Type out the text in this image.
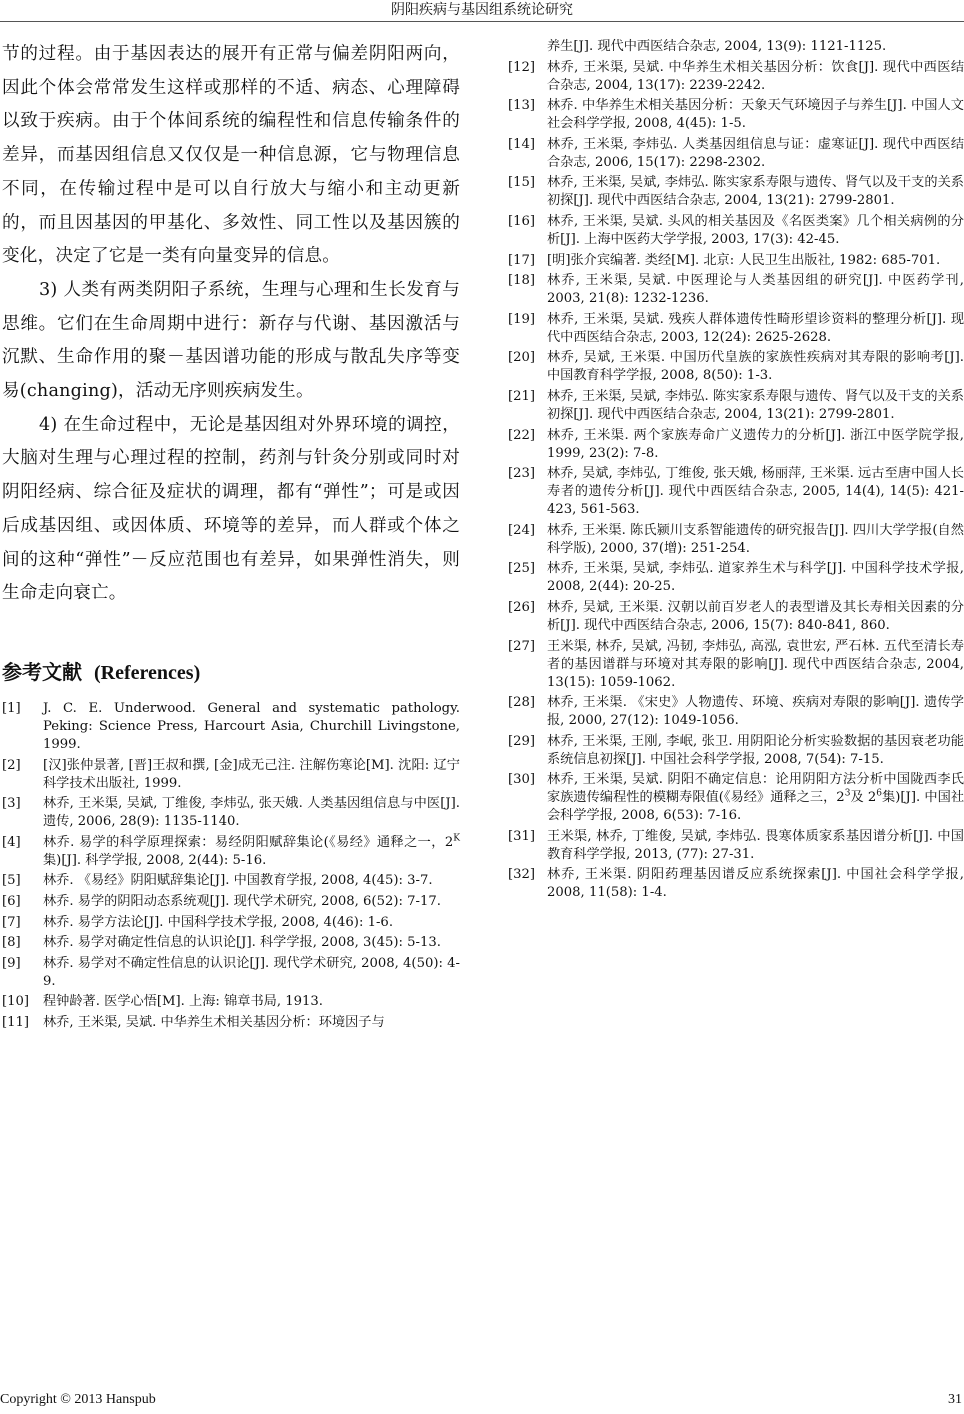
阴阳疾病与基因组系统论研究

节的过程。由于基因表达的展开有正常与偏差阴阳两向，因此个体会常常发生这样或那样的不适、病态、心理障碍以致于疾病。由于个体间系统的编程性和信息传输条件的差异，而基因组信息又仅仅是一种信息源，它与物理信息不同，在传输过程中是可以自行放大与缩小和主动更新的，而且因基因的甲基化、多效性、同工性以及基因簇的变化，决定了它是一类有向量变异的信息。

3) 人类有两类阴阳子系统，生理与心理和生长发育与思维。它们在生命周期中进行：新存与代谢、基因激活与沉默、生命作用的聚－基因谱功能的形成与散乱失序等变易(changing)，活动无序则疾病发生。

4) 在生命过程中，无论是基因组对外界环境的调控，大脑对生理与心理过程的控制，药剂与针灸分别或同时对阴阳经病、综合征及症状的调理，都有“弹性”；可是或因后成基因组、或因体质、环境等的差异，而人群或个体之间的这种“弹性”－反应范围也有差异，如果弹性消失，则生命走向衰亡。

参考文献 (References)
[1] J. C. E. Underwood. General and systematic pathology. Peking: Science Press, Harcourt Asia, Churchill Livingstone, 1999.
[2] [汉]张仲景著, [晋]王叔和撰, [金]成无己注. 注解伤寒论[M]. 沈阳: 辽宁科学技术出版社, 1999.
[3] 林乔, 王米渠, 吴斌, 丁维俊, 李炜弘, 张天娥. 人类基因组信息与中医[J]. 遗传, 2006, 28(9): 1135-1140.
[4] 林乔. 易学的科学原理探索：易经阴阳赋辞集论(《易经》通释之一，$2^K$集)[J]. 科学学报, 2008, 2(44): 5-16.
[5] 林乔. 《易经》阴阳赋辞集论[J]. 中国教育学报, 2008, 4(45): 3-7.
[6] 林乔. 易学的阴阳动态系统观[J]. 现代学术研究, 2008, 6(52): 7-17.
[7] 林乔. 易学方法论[J]. 中国科学技术学报, 2008, 4(46): 1-6.
[8] 林乔. 易学对确定性信息的认识论[J]. 科学学报, 2008, 3(45): 5-13.
[9] 林乔. 易学对不确定性信息的认识论[J]. 现代学术研究, 2008, 4(50): 4-9.
[10] 程钟龄著. 医学心悟[M]. 上海: 锦章书局, 1913.
[11] 林乔, 王米渠, 吴斌. 中华养生术相关基因分析：环境因子与
养生[J]. 现代中西医结合杂志, 2004, 13(9): 1121-1125.
[12] 林乔, 王米渠, 吴斌. 中华养生术相关基因分析：饮食[J]. 现代中西医结合杂志, 2004, 13(17): 2239-2242.
[13] 林乔. 中华养生术相关基因分析：天象天气环境因子与养生[J]. 中国人文社会科学学报, 2008, 4(45): 1-5.
[14] 林乔, 王米渠, 李炜弘. 人类基因组信息与证：虚寒证[J]. 现代中西医结合杂志, 2006, 15(17): 2298-2302.
[15] 林乔, 王米渠, 吴斌, 李炜弘. 陈实家系寿限与遗传、肾气以及干支的关系初探[J]. 现代中西医结合杂志, 2004, 13(21): 2799-2801.
[16] 林乔, 王米渠, 吴斌. 头风的相关基因及《名医类案》几个相关病例的分析[J]. 上海中医药大学学报, 2003, 17(3): 42-45.
[17] [明]张介宾编著. 类经[M]. 北京: 人民卫生出版社, 1982: 685-701.
[18] 林乔, 王米渠, 吴斌. 中医理论与人类基因组的研究[J]. 中医药学刊, 2003, 21(8): 1232-1236.
[19] 林乔, 王米渠, 吴斌. 残疾人群体遗传性畸形望诊资料的整理分析[J]. 现代中西医结合杂志, 2003, 12(24): 2625-2628.
[20] 林乔, 吴斌, 王米渠. 中国历代皇族的家族性疾病对其寿限的影响考[J]. 中国教育科学学报, 2008, 8(50): 1-3.
[21] 林乔, 王米渠, 吴斌, 李炜弘. 陈实家系寿限与遗传、肾气以及干支的关系初探[J]. 现代中西医结合杂志, 2004, 13(21): 2799-2801.
[22] 林乔, 王米渠. 两个家族寿命广义遗传力的分析[J]. 浙江中医学院学报, 1999, 23(2): 7-8.
[23] 林乔, 吴斌, 李炜弘, 丁维俊, 张天娥, 杨丽萍, 王米渠. 远古至唐中国人长寿者的遗传分析[J]. 现代中西医结合杂志, 2005, 14(4), 14(5): 421-423, 561-563.
[24] 林乔, 王米渠. 陈氏颍川支系智能遗传的研究报告[J]. 四川大学学报(自然科学版), 2000, 37(增): 251-254.
[25] 林乔, 王米渠, 吴斌, 李炜弘. 道家养生术与科学[J]. 中国科学技术学报, 2008, 2(44): 20-25.
[26] 林乔, 吴斌, 王米渠. 汉朝以前百岁老人的表型谱及其长寿相关因素的分析[J]. 现代中西医结合杂志, 2006, 15(7): 840-841, 860.
[27] 王米渠, 林乔, 吴斌, 冯韧, 李炜弘, 高泓, 袁世宏, 严石林. 五代至清长寿者的基因谱群与环境对其寿限的影响[J]. 现代中西医结合杂志, 2004, 13(15): 1059-1062.
[28] 林乔, 王米渠. 《宋史》人物遗传、环境、疾病对寿限的影响[J]. 遗传学报, 2000, 27(12): 1049-1056.
[29] 林乔, 王米渠, 王刚, 李岷, 张卫. 用阴阳论分析实验数据的基因衰老功能系统信息初探[J]. 中国社会科学学报, 2008, 7(54): 7-15.
[30] 林乔, 王米渠, 吴斌. 阴阳不确定信息：论用阴阳方法分析中国陇西李氏家族遗传编程性的模糊寿限值(《易经》通释之三，$2^3$及 $2^6$集)[J]. 中国社会科学学报, 2008, 6(53): 7-16.
[31] 王米渠, 林乔, 丁维俊, 吴斌, 李炜弘. 畏寒体质家系基因谱分析[J]. 中国教育科学学报, 2013, (77): 27-31.
[32] 林乔, 王米渠. 阴阳药理基因谱反应系统探索[J]. 中国社会科学学报, 2008, 11(58): 1-4.
Copyright © 2013 Hanspub	31
